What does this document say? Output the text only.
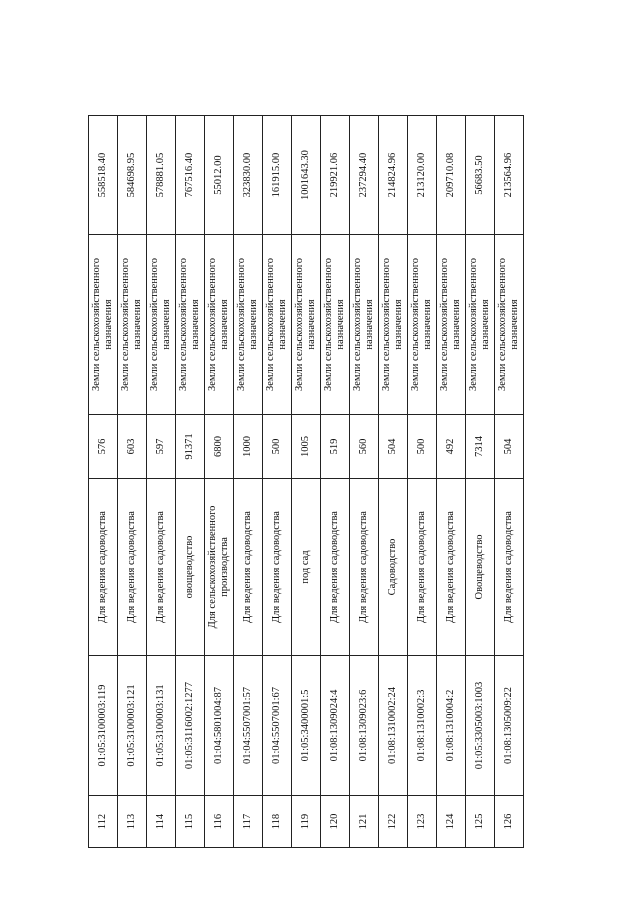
112	01:05:3100003:119	Для ведения садоводства	576	Земли сельскохозяйственного назначения	558518.40
113	01:05:3100003:121	Для ведения садоводства	603	Земли сельскохозяйственного назначения	584698.95
114	01:05:3100003:131	Для ведения садоводства	597	Земли сельскохозяйственного назначения	578881.05
115	01:05:3116002:1277	овощеводство	91371	Земли сельскохозяйственного назначения	767516.40
116	01:04:5801004:87	Для сельскохозяйственного производства	6800	Земли сельскохозяйственного назначения	55012.00
117	01:04:5507001:57	Для ведения садоводства	1000	Земли сельскохозяйственного назначения	323830.00
118	01:04:5507001:67	Для ведения садоводства	500	Земли сельскохозяйственного назначения	161915.00
119	01:05:3400001:5	под сад	1005	Земли сельскохозяйственного назначения	1001643.30
120	01:08:1309024:4	Для ведения садоводства	519	Земли сельскохозяйственного назначения	219921.06
121	01:08:1309023:6	Для ведения садоводства	560	Земли сельскохозяйственного назначения	237294.40
122	01:08:1310002:24	Садоводство	504	Земли сельскохозяйственного назначения	214824.96
123	01:08:1310002:3	Для ведения садоводства	500	Земли сельскохозяйственного назначения	213120.00
124	01:08:1310004:2	Для ведения садоводства	492	Земли сельскохозяйственного назначения	209710.08
125	01:05:3305003:1003	Овощеводство	7314	Земли сельскохозяйственного назначения	56683.50
126	01:08:1305009:22	Для ведения садоводства	504	Земли сельскохозяйственного назначения	213564.96
